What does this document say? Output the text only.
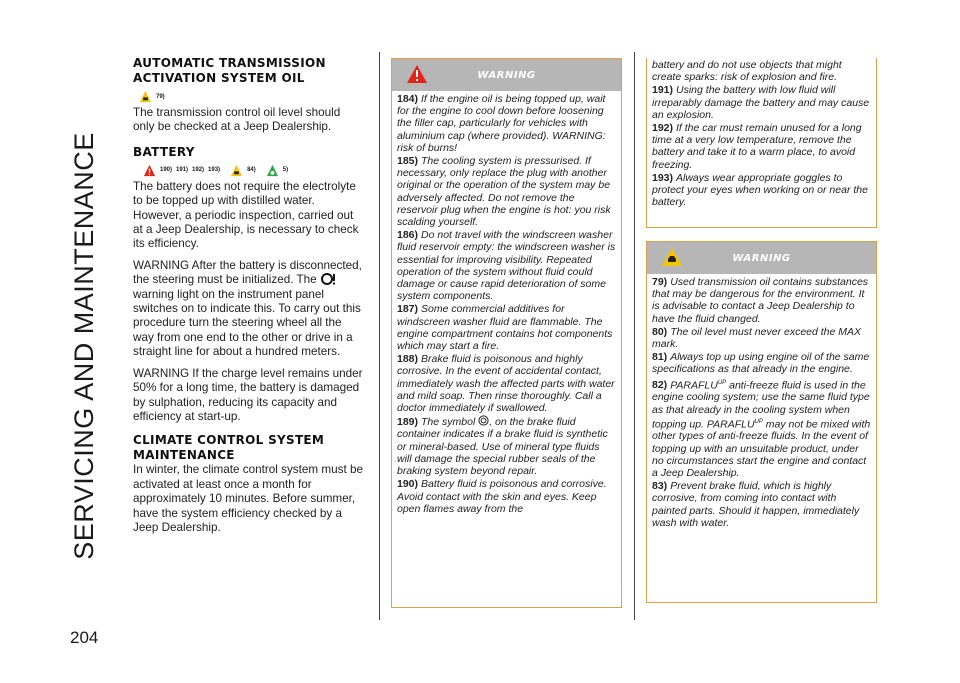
SERVICING AND MAINTENANCE
204
AUTOMATIC TRANSMISSION
ACTIVATION SYSTEM OIL
79)

The transmission control oil level should only be checked at a Jeep Dealership.

BATTERY
190) 191) 192) 193)	84)	5)

The battery does not require the electrolyte to be topped up with distilled water. However, a periodic inspection, carried out at a Jeep Dealership, is necessary to check its efficiency.

WARNING After the battery is disconnected, the steering must be initialized. The  warning light on the instrument panel switches on to indicate this. To carry out this procedure turn the steering wheel all the way from one end to the other or drive in a straight line for about a hundred meters.

WARNING If the charge level remains under 50% for a long time, the battery is damaged by sulphation, reducing its capacity and efficiency at start-up.

CLIMATE CONTROL SYSTEM
MAINTENANCE

In winter, the climate control system must be activated at least once a month for approximately 10 minutes. Before summer, have the system efficiency checked by a Jeep Dealership.

WARNING

184) If the engine oil is being topped up, wait for the engine to cool down before loosening the filler cap, particularly for vehicles with aluminium cap (where provided). WARNING: risk of burns!

185) The cooling system is pressurised. If necessary, only replace the plug with another original or the operation of the system may be adversely affected. Do not remove the reservoir plug when the engine is hot: you risk scalding yourself.

186) Do not travel with the windscreen washer fluid reservoir empty: the windscreen washer is essential for improving visibility. Repeated operation of the system without fluid could damage or cause rapid deterioration of some system components.

187) Some commercial additives for windscreen washer fluid are flammable. The engine compartment contains hot components which may start a fire.

188) Brake fluid is poisonous and highly corrosive. In the event of accidental contact, immediately wash the affected parts with water and mild soap. Then rinse thoroughly. Call a doctor immediately if swallowed.

189) The symbol , on the brake fluid container indicates if a brake fluid is synthetic or mineral-based. Use of mineral type fluids will damage the special rubber seals of the braking system beyond repair.

190) Battery fluid is poisonous and corrosive. Avoid contact with the skin and eyes. Keep open flames away from the

battery and do not use objects that might create sparks: risk of explosion and fire.

191) Using the battery with low fluid will irreparably damage the battery and may cause an explosion.

192) If the car must remain unused for a long time at a very low temperature, remove the battery and take it to a warm place, to avoid freezing.

193) Always wear appropriate goggles to protect your eyes when working on or near the battery.

WARNING

79) Used transmission oil contains substances that may be dangerous for the environment. It is advisable to contact a Jeep Dealership to have the fluid changed.

80) The oil level must never exceed the MAX mark.

81) Always top up using engine oil of the same specifications as that already in the engine.

82) $PARAFLU^{UP}$ anti-freeze fluid is used in the engine cooling system; use the same fluid type as that already in the cooling system when topping up. $PARAFLU^{UP}$ may not be mixed with other types of anti-freeze fluids. In the event of topping up with an unsuitable product, under no circumstances start the engine and contact a Jeep Dealership.

83) Prevent brake fluid, which is highly corrosive, from coming into contact with painted parts. Should it happen, immediately wash with water.
